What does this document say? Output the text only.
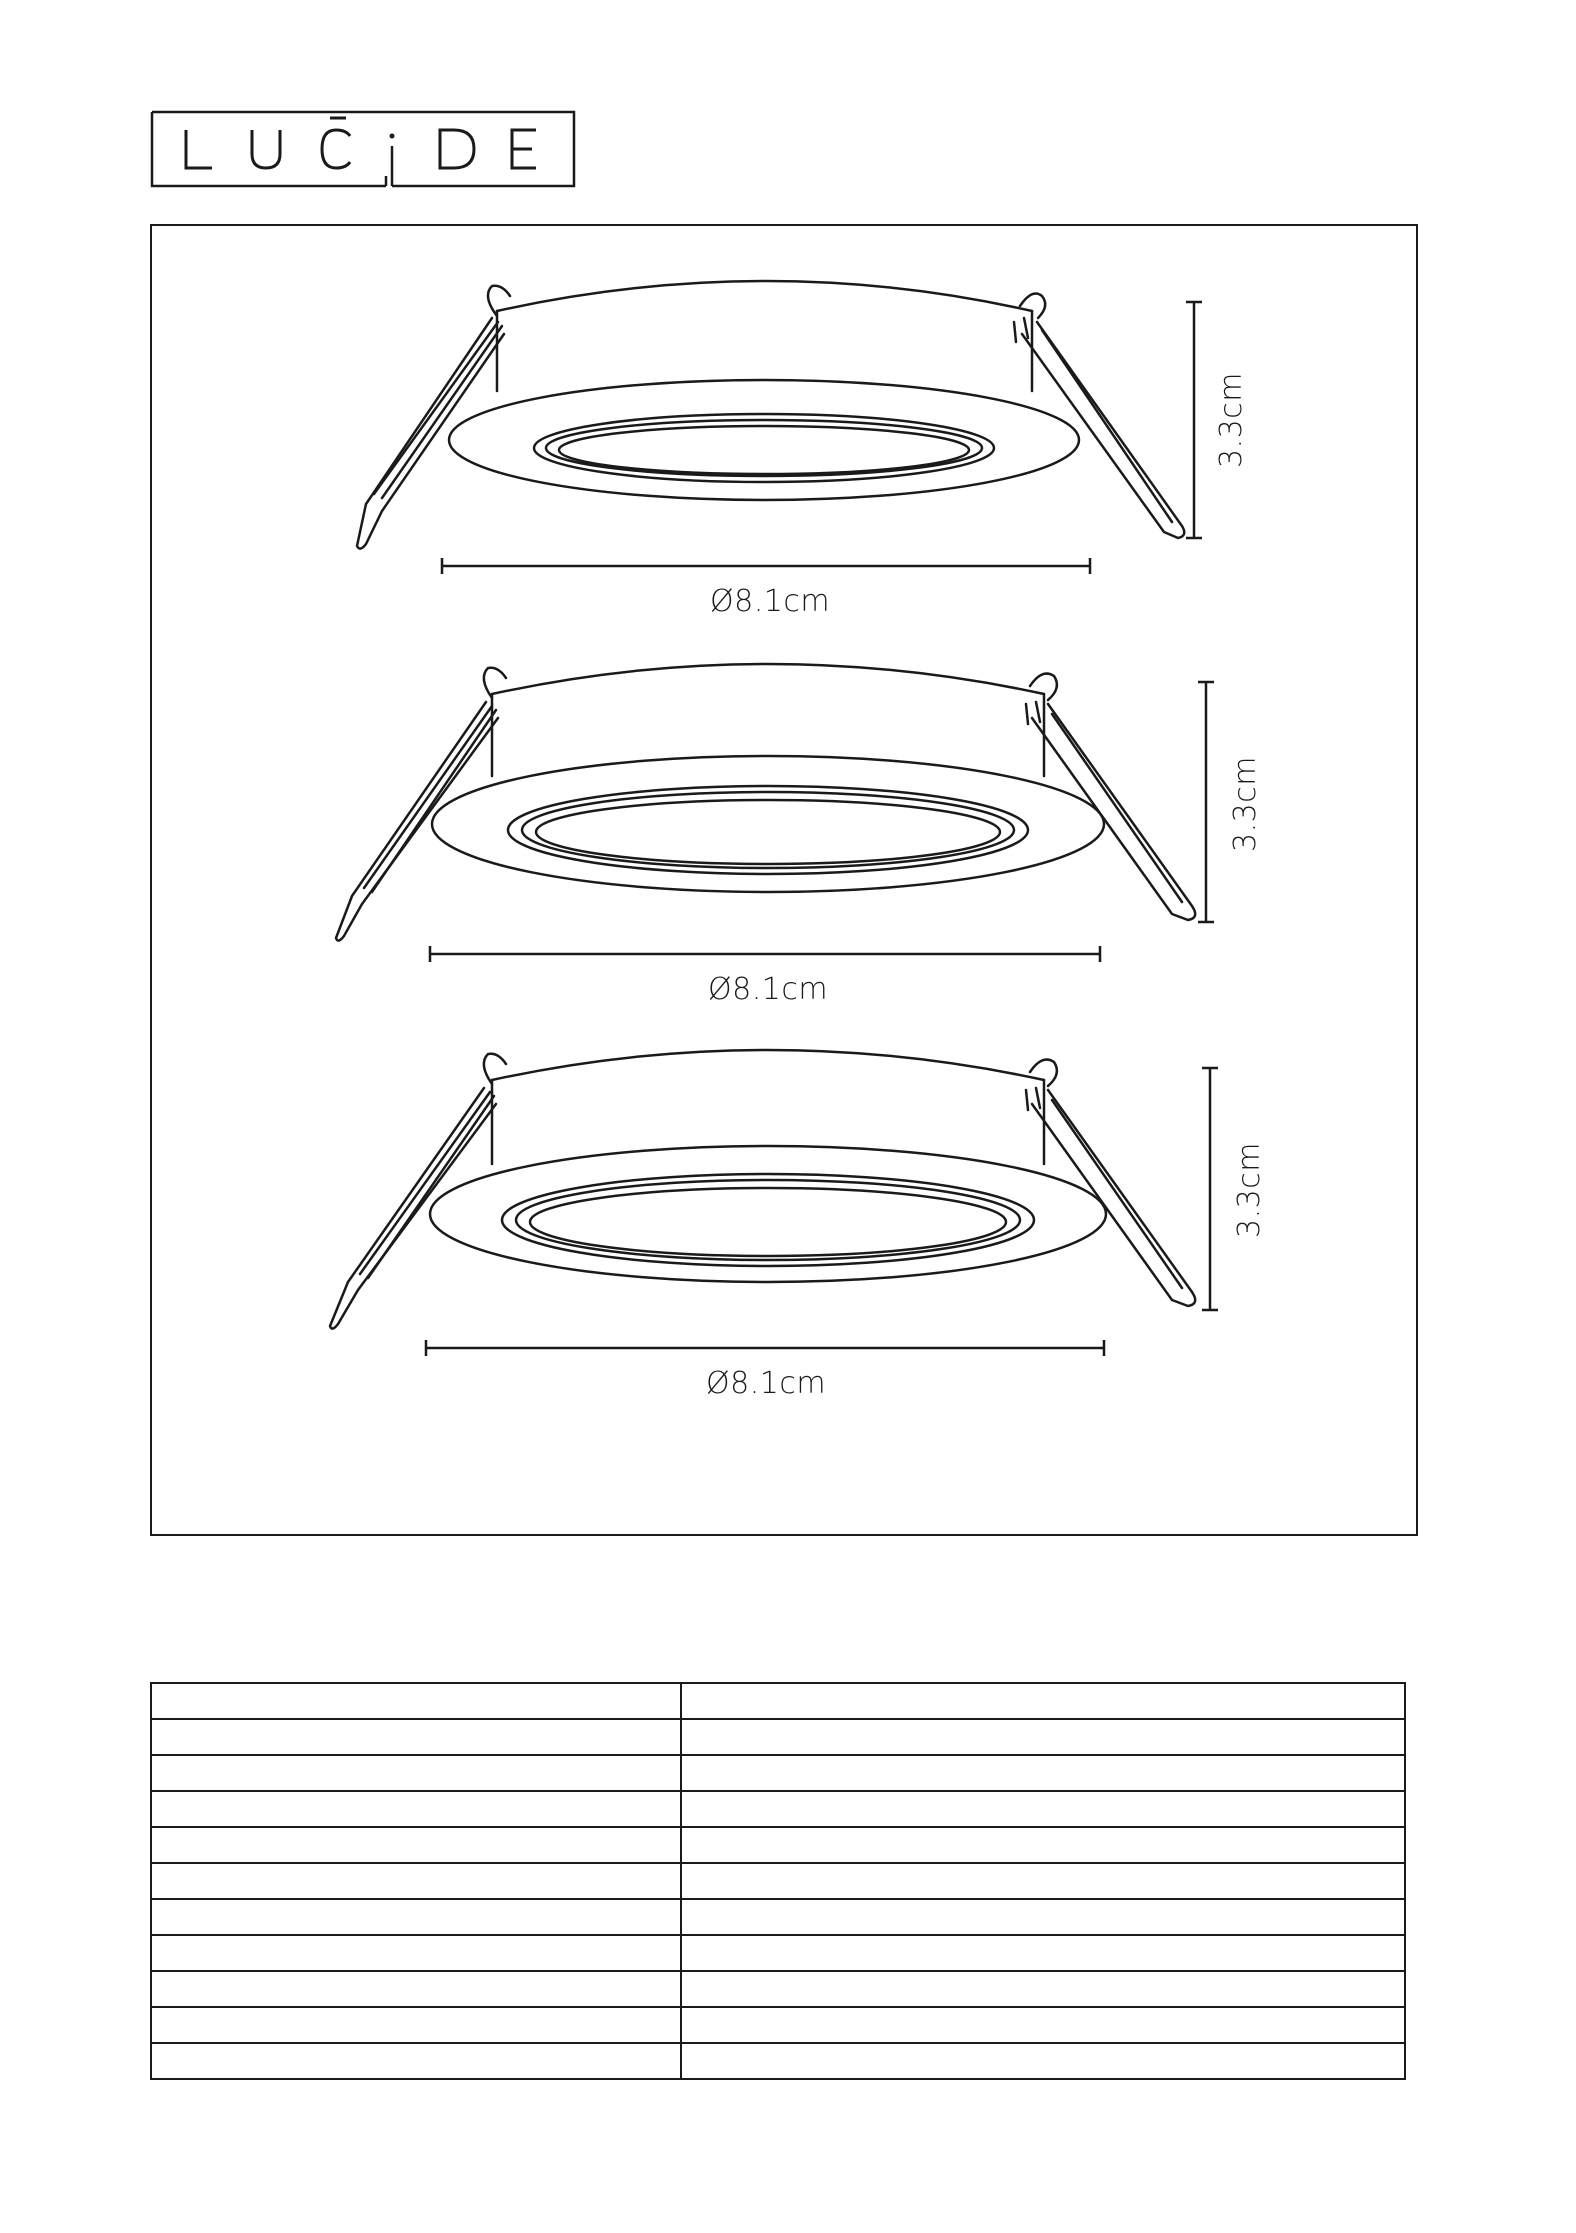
Ø8.1cm
3.3cm
Ø8.1cm
3.3cm
Ø8.1cm
3.3cm
